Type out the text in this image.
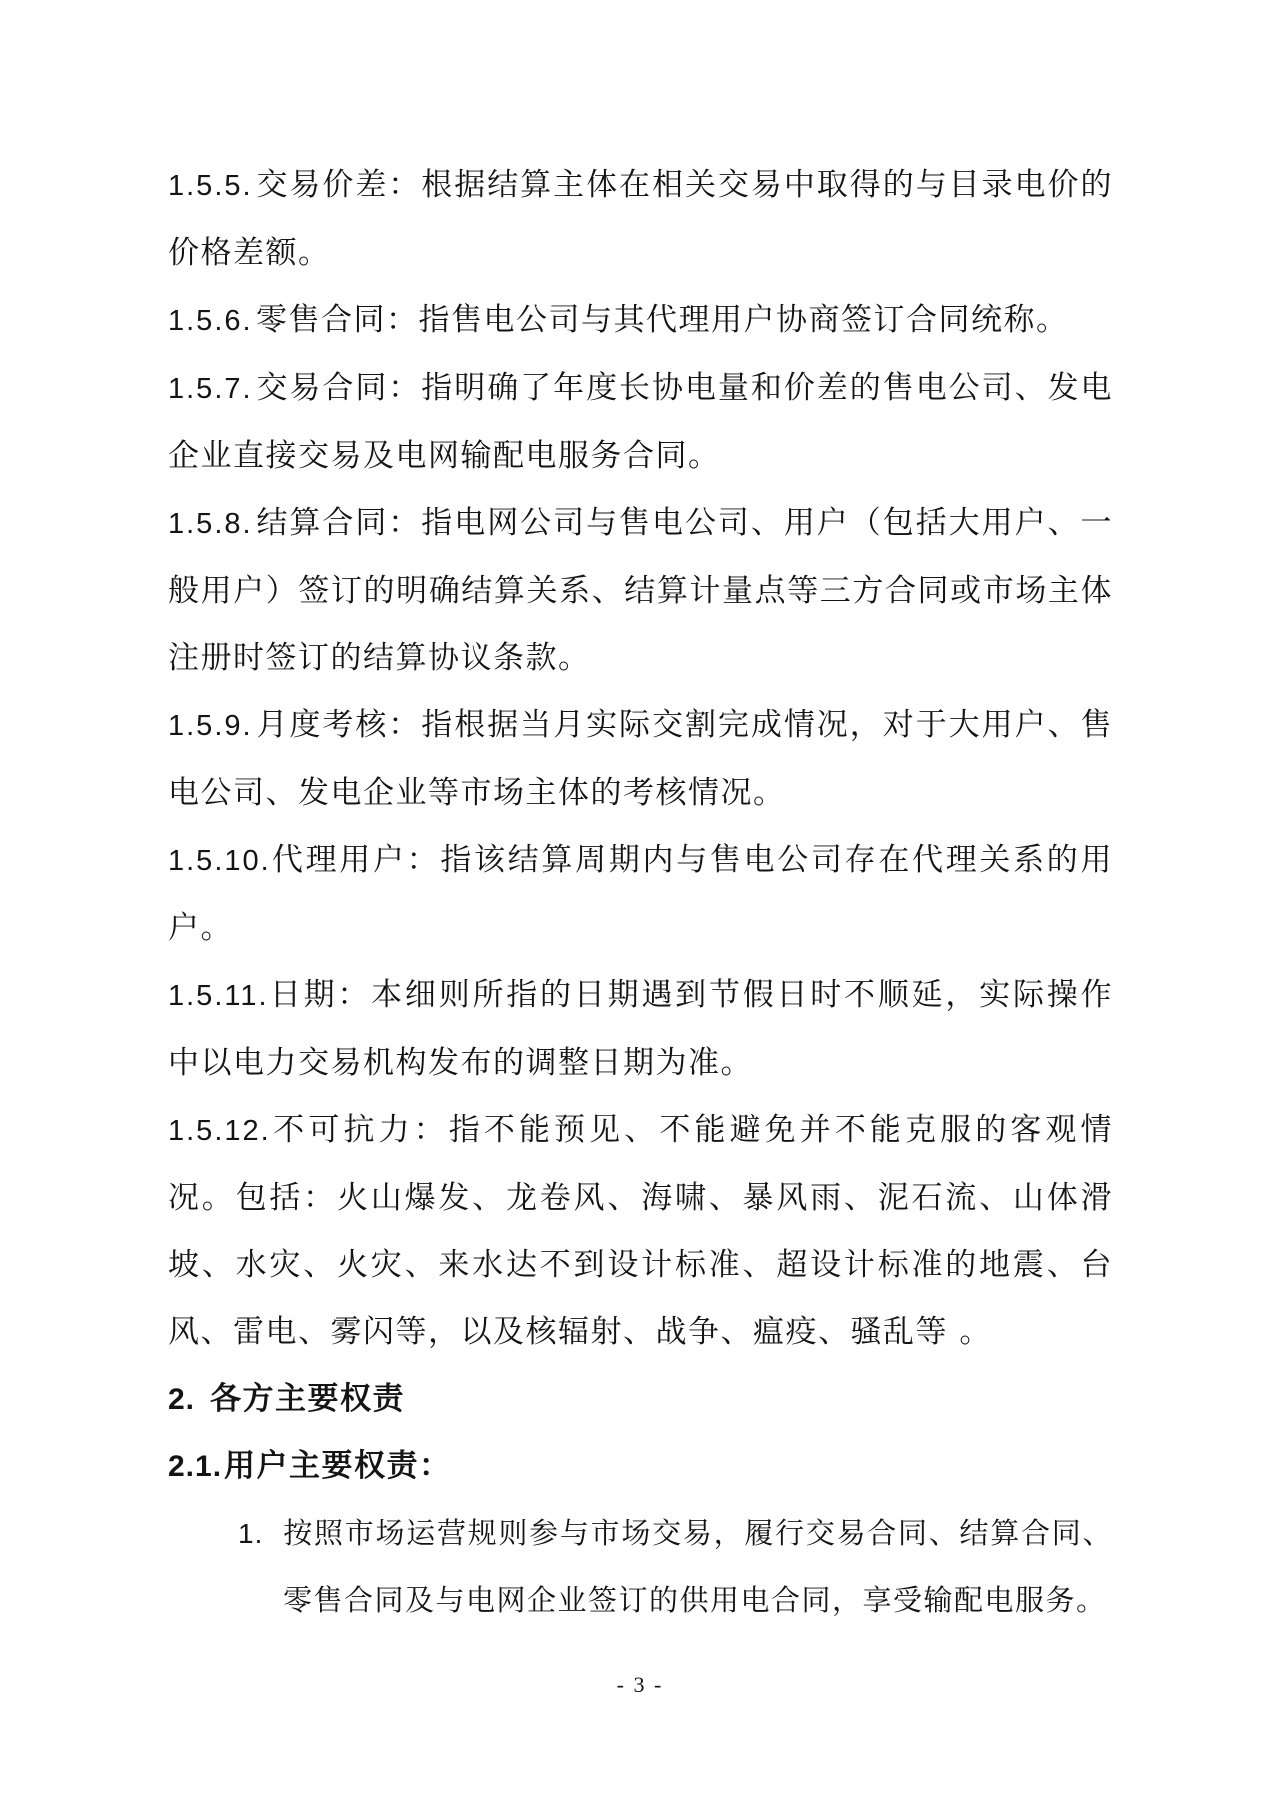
1.5.5. 交易价差：根据结算主体在相关交易中取得的与目录电价的价格差额。

1.5.6. 零售合同：指售电公司与其代理用户协商签订合同统称。

1.5.7. 交易合同：指明确了年度长协电量和价差的售电公司、发电企业直接交易及电网输配电服务合同。

1.5.8. 结算合同：指电网公司与售电公司、用户（包括大用户、一般用户）签订的明确结算关系、结算计量点等三方合同或市场主体注册时签订的结算协议条款。

1.5.9. 月度考核：指根据当月实际交割完成情况，对于大用户、售电公司、发电企业等市场主体的考核情况。

1.5.10.代理用户：指该结算周期内与售电公司存在代理关系的用户。

1.5.11.日期：本细则所指的日期遇到节假日时不顺延，实际操作中以电力交易机构发布的调整日期为准。

1.5.12.不可抗力：指不能预见、不能避免并不能克服的客观情况。包括：火山爆发、龙卷风、海啸、暴风雨、泥石流、山体滑坡、水灾、火灾、来水达不到设计标准、超设计标准的地震、台风、雷电、雾闪等，以及核辐射、战争、瘟疫、骚乱等 。

2. 各方主要权责

2.1.用户主要权责：

1. 按照市场运营规则参与市场交易，履行交易合同、结算合同、零售合同及与电网企业签订的供用电合同，享受输配电服务。

- 3 -
